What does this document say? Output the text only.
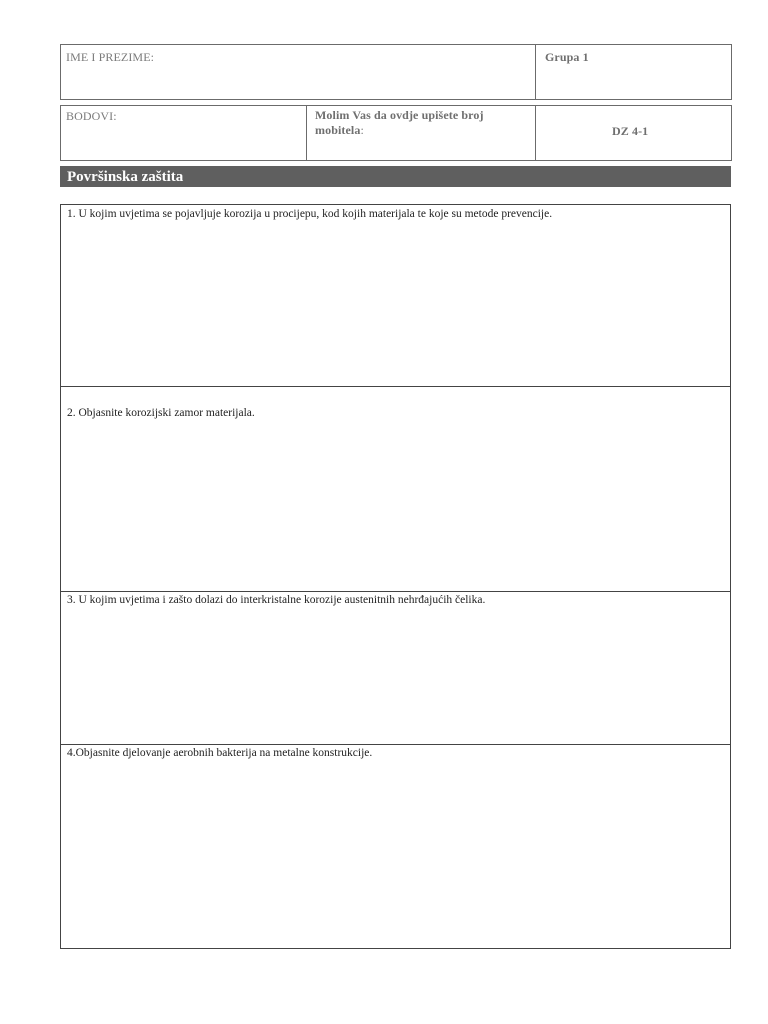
IME I PREZIME:	Grupa 1
BODOVI:	Molim Vas da ovdje upišete broj mobitela:	DZ 4-1
Površinska zaštita
1. U kojim uvjetima se pojavljuje korozija u procijepu, kod kojih materijala te koje su metode prevencije.
2. Objasnite korozijski zamor materijala.
3. U kojim uvjetima i zašto dolazi do interkristalne korozije austenitnih nehrđajućih čelika.
4.Objasnite djelovanje aerobnih bakterija na metalne konstrukcije.
